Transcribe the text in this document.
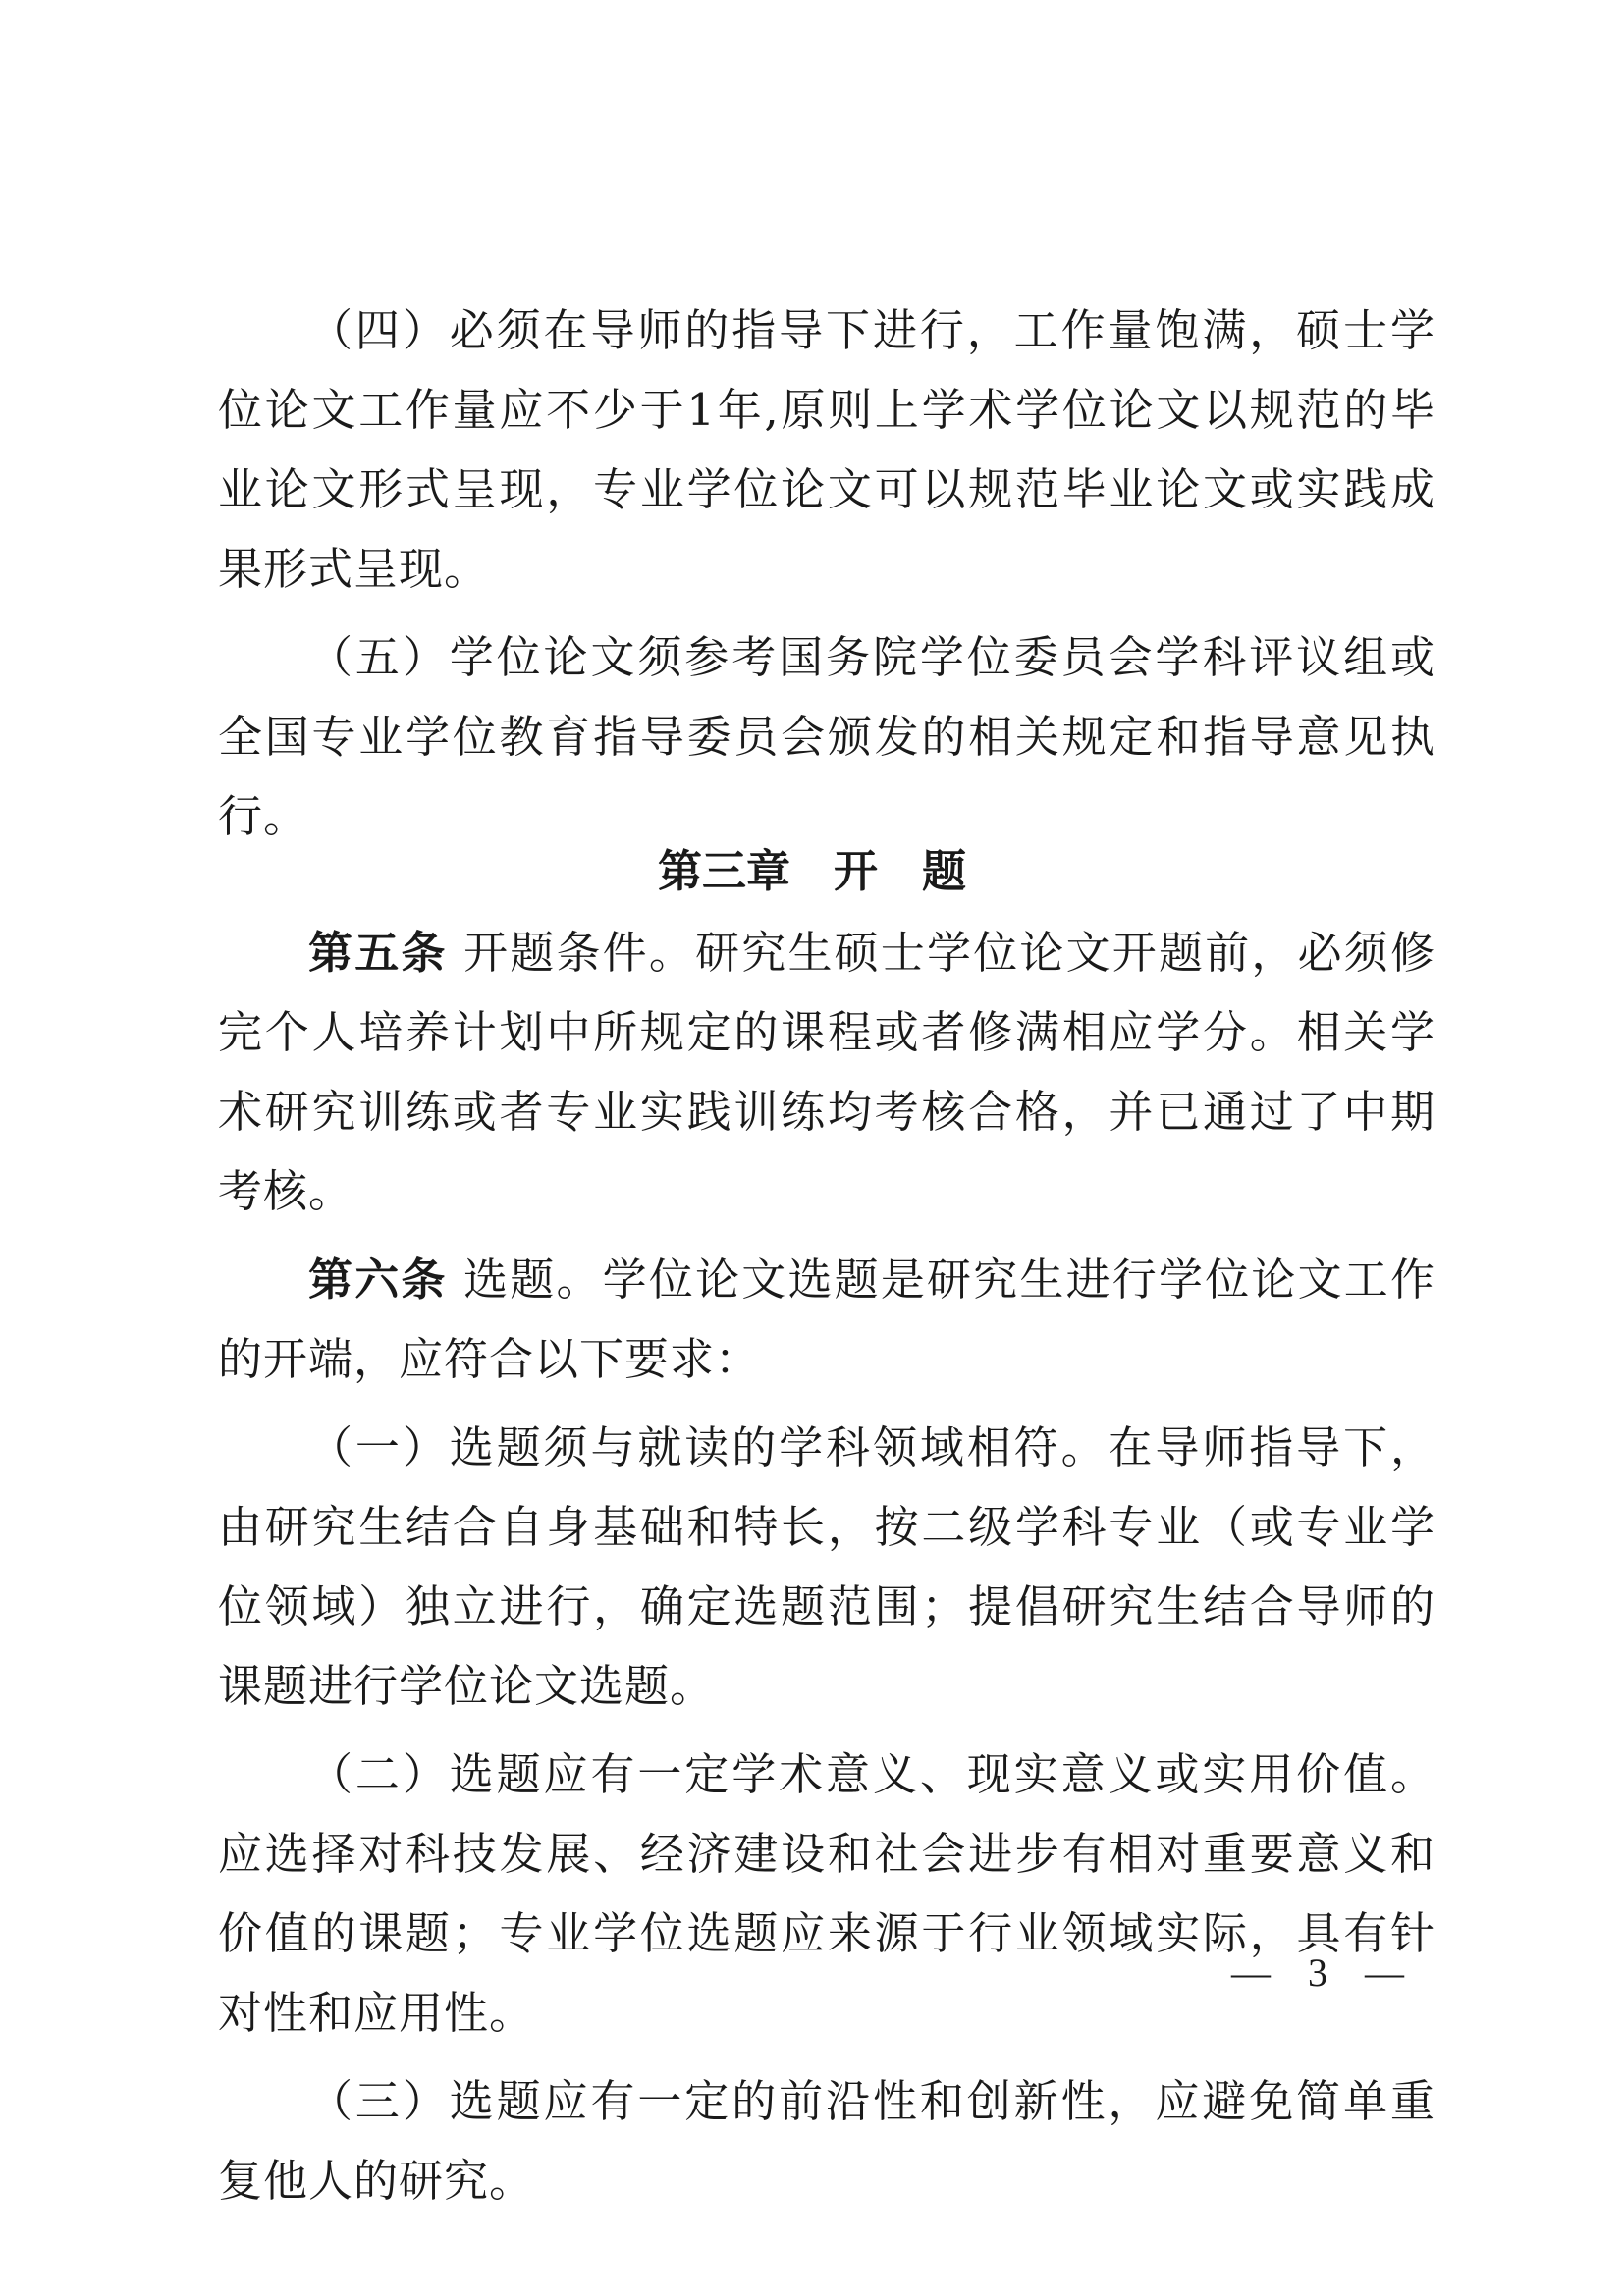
（四）必须在导师的指导下进行，工作量饱满，硕士学位论文工作量应不少于1年,原则上学术学位论文以规范的毕业论文形式呈现，专业学位论文可以规范毕业论文或实践成果形式呈现。

（五）学位论文须参考国务院学位委员会学科评议组或全国专业学位教育指导委员会颁发的相关规定和指导意见执行。

第三章 开　题

第五条 开题条件。研究生硕士学位论文开题前，必须修完个人培养计划中所规定的课程或者修满相应学分。相关学术研究训练或者专业实践训练均考核合格，并已通过了中期考核。

第六条 选题。学位论文选题是研究生进行学位论文工作的开端，应符合以下要求：

（一）选题须与就读的学科领域相符。在导师指导下，由研究生结合自身基础和特长，按二级学科专业（或专业学位领域）独立进行，确定选题范围；提倡研究生结合导师的课题进行学位论文选题。

（二）选题应有一定学术意义、现实意义或实用价值。应选择对科技发展、经济建设和社会进步有相对重要意义和价值的课题；专业学位选题应来源于行业领域实际，具有针对性和应用性。

（三）选题应有一定的前沿性和创新性，应避免简单重复他人的研究。

— 3 —
